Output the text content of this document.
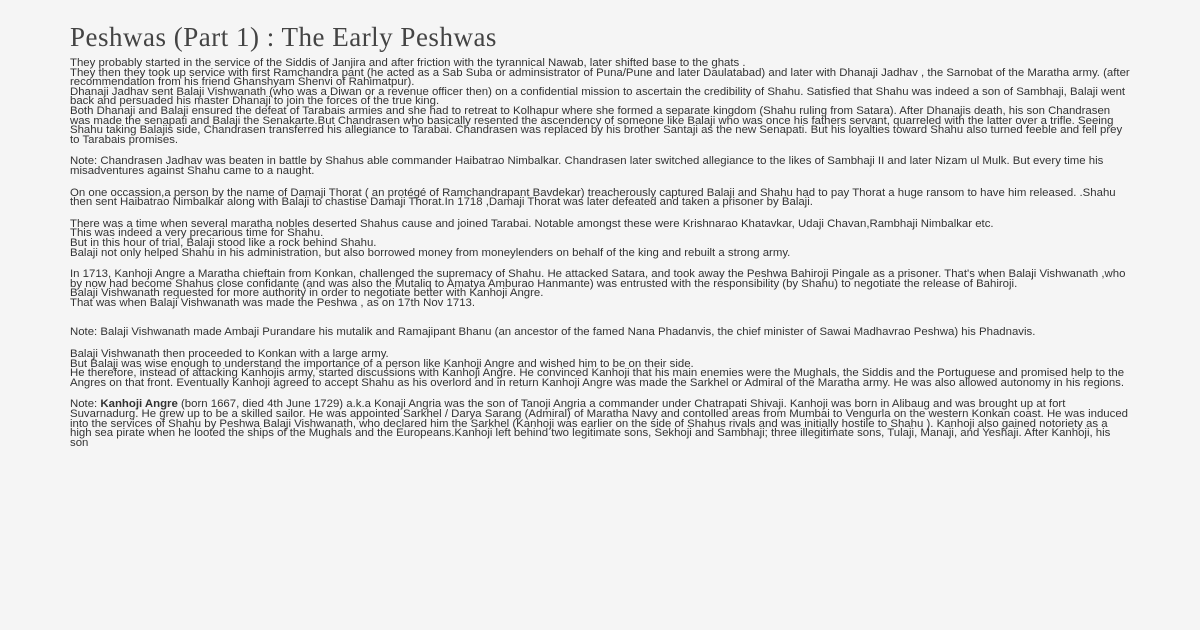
Peshwas (Part 1) : The Early Peshwas

They probably started in the service of the Siddis of Janjira and after friction with the tyrannical Nawab, later shifted base to the ghats .
They then they took up service with first Ramchandra pant (he acted as a Sab Suba or adminsistrator of Puna/Pune and later Daulatabad) and later with Dhanaji Jadhav , the Sarnobat of the Maratha army. (after recommendation from his friend Ghanshyam Shenvi of Rahimatpur).
Dhanaji Jadhav sent Balaji Vishwanath (who was a Diwan or a revenue officer then) on a confidential mission to ascertain the credibility of Shahu. Satisfied that Shahu was indeed a son of Sambhaji, Balaji went back and persuaded his master Dhanaji to join the forces of the true king.
Both Dhanaji and Balaji ensured the defeat of Tarabais armies and she had to retreat to Kolhapur where she formed a separate kingdom (Shahu ruling from Satara). After Dhanajis death, his son Chandrasen was made the senapati and Balaji the Senakarte.But Chandrasen who basically resented the ascendency of someone like Balaji who was once his fathers servant, quarreled with the latter over a trifle. Seeing Shahu taking Balajis side, Chandrasen transferred his allegiance to Tarabai. Chandrasen was replaced by his brother Santaji as the new Senapati. But his loyalties toward Shahu also turned feeble and fell prey to Tarabais promises.

Note: Chandrasen Jadhav was beaten in battle by Shahus able commander Haibatrao Nimbalkar. Chandrasen later switched allegiance to the likes of Sambhaji II and later Nizam ul Mulk. But every time his misadventures against Shahu came to a naught.

On one occassion,a person by the name of Damaji Thorat ( an protégé of Ramchandrapant Bavdekar) treacherously captured Balaji and Shahu had to pay Thorat a huge ransom to have him released. .Shahu then sent Haibatrao Nimbalkar along with Balaji to chastise Damaji Thorat.In 1718 ,Damaji Thorat was later defeated and taken a prisoner by Balaji.

There was a time when several maratha nobles deserted Shahus cause and joined Tarabai. Notable amongst these were Krishnarao Khatavkar, Udaji Chavan,Rambhaji Nimbalkar etc.
This was indeed a very precarious time for Shahu.
But in this hour of trial, Balaji stood like a rock behind Shahu.
Balaji not only helped Shahu in his administration, but also borrowed money from moneylenders on behalf of the king and rebuilt a strong army.

In 1713, Kanhoji Angre a Maratha chieftain from Konkan, challenged the supremacy of Shahu. He attacked Satara, and took away the Peshwa Bahiroji Pingale as a prisoner. That's when Balaji Vishwanath ,who by now had become Shahus close confidante (and was also the Mutaliq to Amatya Amburao Hanmante) was entrusted with the responsibility (by Shahu) to negotiate the release of Bahiroji.
Balaji Vishwanath requested for more authority in order to negotiate better with Kanhoji Angre.
That was when Balaji Vishwanath was made the Peshwa , as on 17th Nov 1713.

Note: Balaji Vishwanath made Ambaji Purandare his mutalik and Ramajipant Bhanu (an ancestor of the famed Nana Phadanvis, the chief minister of Sawai Madhavrao Peshwa) his Phadnavis.

Balaji Vishwanath then proceeded to Konkan with a large army.
But Balaji was wise enough to understand the importance of a person like Kanhoji Angre and wished him to be on their side.
He therefore, instead of attacking Kanhojis army, started discussions with Kanhoji Angre. He convinced Kanhoji that his main enemies were the Mughals, the Siddis and the Portuguese and promised help to the Angres on that front. Eventually Kanhoji agreed to accept Shahu as his overlord and in return Kanhoji Angre was made the Sarkhel or Admiral of the Maratha army. He was also allowed autonomy in his regions.

Note: Kanhoji Angre (born 1667, died 4th June 1729) a.k.a Konaji Angria was the son of Tanoji Angria a commander under Chatrapati Shivaji. Kanhoji was born in Alibaug and was brought up at fort Suvarnadurg. He grew up to be a skilled sailor. He was appointed Sarkhel / Darya Sarang (Admiral) of Maratha Navy and contolled areas from Mumbai to Vengurla on the western Konkan coast. He was induced into the services of Shahu by Peshwa Balaji Vishwanath, who declared him the Sarkhel (Kanhoji was earlier on the side of Shahus rivals and was initially hostile to Shahu ). Kanhoji also gained notoriety as a high sea pirate when he looted the ships of the Mughals and the Europeans.Kanhoji left behind two legitimate sons, Sekhoji and Sambhaji; three illegitimate sons, Tulaji, Manaji, and Yeshaji. After Kanhoji, his son
